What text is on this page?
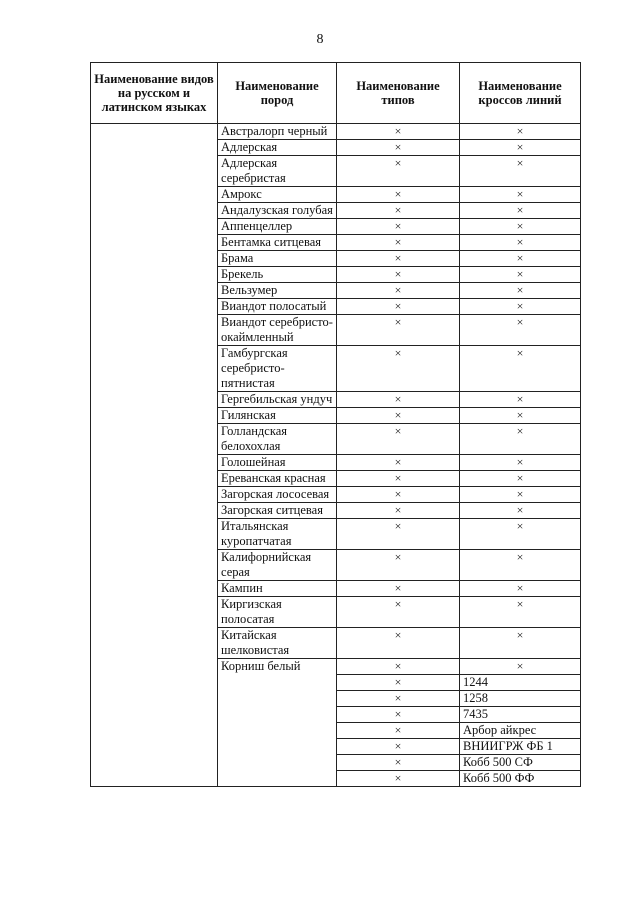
8
Наименование видов на русском и латинском языках	Наименование пород	Наименование типов	Наименование кроссов линий
	Австралорп черный	×	×
	Адлерская	×	×
	Адлерская серебристая	×	×
	Амрокс	×	×
	Андалузская голубая	×	×
	Аппенцеллер	×	×
	Бентамка ситцевая	×	×
	Брама	×	×
	Брекель	×	×
	Вельзумер	×	×
	Виандот полосатый	×	×
	Виандот серебристо-окаймленный	×	×
	Гамбургская серебристо-пятнистая	×	×
	Гергебильская ундуч	×	×
	Гилянская	×	×
	Голландская белохохлая	×	×
	Голошейная	×	×
	Ереванская красная	×	×
	Загорская лососевая	×	×
	Загорская ситцевая	×	×
	Итальянская куропатчатая	×	×
	Калифорнийская серая	×	×
	Кампин	×	×
	Киргизская полосатая	×	×
	Китайская шелковистая	×	×
	Корниш белый	×	×
		×	1244
		×	1258
		×	7435
		×	Арбор айкрес
		×	ВНИИГРЖ ФБ 1
		×	Кобб 500 СФ
		×	Кобб 500 ФФ
